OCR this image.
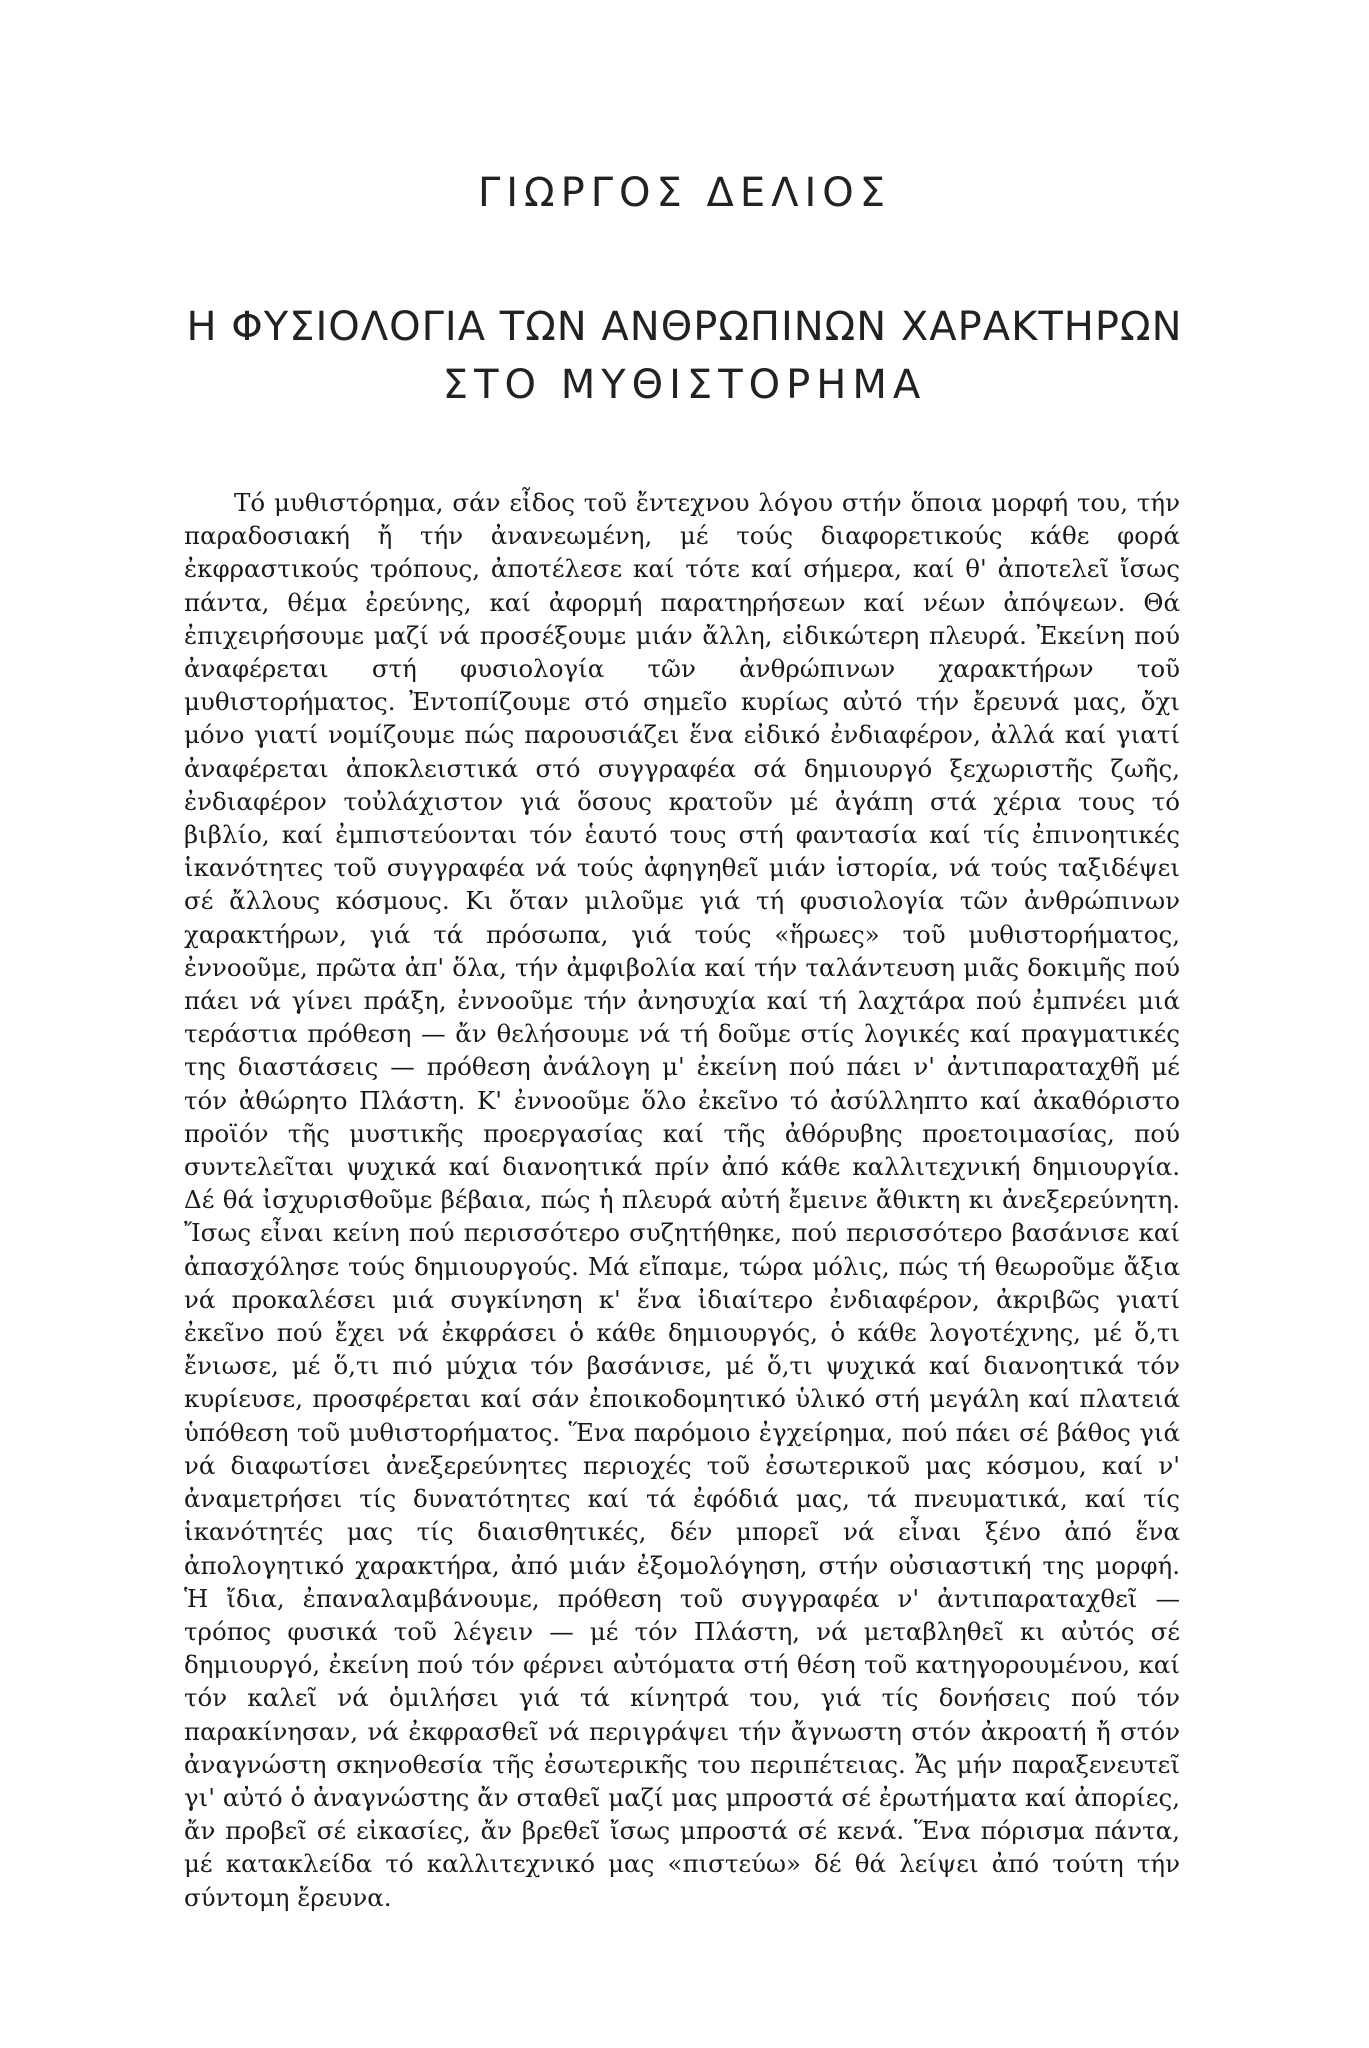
ΓΙΩΡΓΟΣ ΔΕΛΙΟΣ
Η ΦΥΣΙΟΛΟΓΙΑ ΤΩΝ ΑΝΘΡΩΠΙΝΩΝ ΧΑΡΑΚΤΗΡΩΝ
ΣΤΟ ΜΥΘΙΣΤΟΡΗΜΑ

Τό μυθιστόρημα, σάν εἶδος τοῦ ἔντεχνου λόγου στήν ὅποια μορφή του, τήν παραδοσιακή ἤ τήν ἀνανεωμένη, μέ τούς διαφορετικούς κάθε φορά ἐκφραστικούς τρόπους, ἀποτέλεσε καί τότε καί σήμερα, καί θ' ἀποτελεῖ ἴσως πάντα, θέμα ἐρεύνης, καί ἀφορμή παρατηρήσεων καί νέων ἀπόψεων. Θά ἐπιχειρήσουμε μαζί νά προσέξουμε μιάν ἄλλη, εἰδικώτερη πλευρά. Ἐκείνη πού ἀναφέρεται στή φυσιολογία τῶν ἀνθρώπινων χαρακτήρων τοῦ μυθιστορήματος. Ἐντοπίζουμε στό σημεῖο κυρίως αὐτό τήν ἔρευνά μας, ὄχι μόνο γιατί νομίζουμε πώς παρουσιάζει ἕνα εἰδικό ἐνδιαφέρον, ἀλλά καί γιατί ἀναφέρεται ἀποκλειστικά στό συγγραφέα σά δημιουργό ξεχωριστῆς ζωῆς, ἐνδιαφέρον τοὐλάχιστον γιά ὅσους κρατοῦν μέ ἀγάπη στά χέρια τους τό βιβλίο, καί ἐμπιστεύονται τόν ἑαυτό τους στή φαντασία καί τίς ἐπινοητικές ἱκανότητες τοῦ συγγραφέα νά τούς ἀφηγηθεῖ μιάν ἱστορία, νά τούς ταξιδέψει σέ ἄλλους κόσμους. Κι ὅταν μιλοῦμε γιά τή φυσιολογία τῶν ἀνθρώπινων χαρακτήρων, γιά τά πρόσωπα, γιά τούς «ἥρωες» τοῦ μυθιστορήματος, ἐννοοῦμε, πρῶτα ἀπ' ὅλα, τήν ἀμφιβολία καί τήν ταλάντευση μιᾶς δοκιμῆς πού πάει νά γίνει πράξη, ἐννοοῦμε τήν ἀνησυχία καί τή λαχτάρα πού ἐμπνέει μιά τεράστια πρόθεση — ἄν θελήσουμε νά τή δοῦμε στίς λογικές καί πραγματικές της διαστάσεις — πρόθεση ἀνάλογη μ' ἐκείνη πού πάει ν' ἀντιπαραταχθῆ μέ τόν ἀθώρητο Πλάστη. Κ' ἐννοοῦμε ὅλο ἐκεῖνο τό ἀσύλληπτο καί ἀκαθόριστο προϊόν τῆς μυστικῆς προεργασίας καί τῆς ἀθόρυβης προετοιμασίας, πού συντελεῖται ψυχικά καί διανοητικά πρίν ἀπό κάθε καλλιτεχνική δημιουργία. Δέ θά ἰσχυρισθοῦμε βέβαια, πώς ἡ πλευρά αὐτή ἔμεινε ἄθικτη κι ἀνεξερεύνητη. Ἴσως εἶναι κείνη πού περισσότερο συζητήθηκε, πού περισσότερο βασάνισε καί ἀπασχόλησε τούς δημιουργούς. Μά εἴπαμε, τώρα μόλις, πώς τή θεωροῦμε ἄξια νά προκαλέσει μιά συγκίνηση κ' ἕνα ἰδιαίτερο ἐνδιαφέρον, ἀκριβῶς γιατί ἐκεῖνο πού ἔχει νά ἐκφράσει ὁ κάθε δημιουργός, ὁ κάθε λογοτέχνης, μέ ὅ,τι ἔνιωσε, μέ ὅ,τι πιό μύχια τόν βασάνισε, μέ ὅ,τι ψυχικά καί διανοητικά τόν κυρίευσε, προσφέρεται καί σάν ἐποικοδομητικό ὑλικό στή μεγάλη καί πλατειά ὑπόθεση τοῦ μυθιστορήματος. Ἕνα παρόμοιο ἐγχείρημα, πού πάει σέ βάθος γιά νά διαφωτίσει ἀνεξερεύνητες περιοχές τοῦ ἐσωτερικοῦ μας κόσμου, καί ν' ἀναμετρήσει τίς δυνατότητες καί τά ἐφόδιά μας, τά πνευματικά, καί τίς ἱκανότητές μας τίς διαισθητικές, δέν μπορεῖ νά εἶναι ξένο ἀπό ἕνα ἀπολογητικό χαρακτήρα, ἀπό μιάν ἐξομολόγηση, στήν οὐσιαστική της μορφή. Ἡ ἴδια, ἐπαναλαμβάνουμε, πρόθεση τοῦ συγγραφέα ν' ἀντιπαραταχθεῖ — τρόπος φυσικά τοῦ λέγειν — μέ τόν Πλάστη, νά μεταβληθεῖ κι αὐτός σέ δημιουργό, ἐκείνη πού τόν φέρνει αὐτόματα στή θέση τοῦ κατηγορουμένου, καί τόν καλεῖ νά ὁμιλήσει γιά τά κίνητρά του, γιά τίς δονήσεις πού τόν παρακίνησαν, νά ἐκφρασθεῖ νά περιγράψει τήν ἄγνωστη στόν ἀκροατή ἤ στόν ἀναγνώστη σκηνοθεσία τῆς ἐσωτερικῆς του περιπέτειας. Ἄς μήν παραξενευτεῖ γι' αὐτό ὁ ἀναγνώστης ἄν σταθεῖ μαζί μας μπροστά σέ ἐρωτήματα καί ἀπορίες, ἄν προβεῖ σέ εἰκασίες, ἄν βρεθεῖ ἴσως μπροστά σέ κενά. Ἕνα πόρισμα πάντα, μέ κατακλείδα τό καλλιτεχνικό μας «πιστεύω» δέ θά λείψει ἀπό τούτη τήν σύντομη ἔρευνα.
